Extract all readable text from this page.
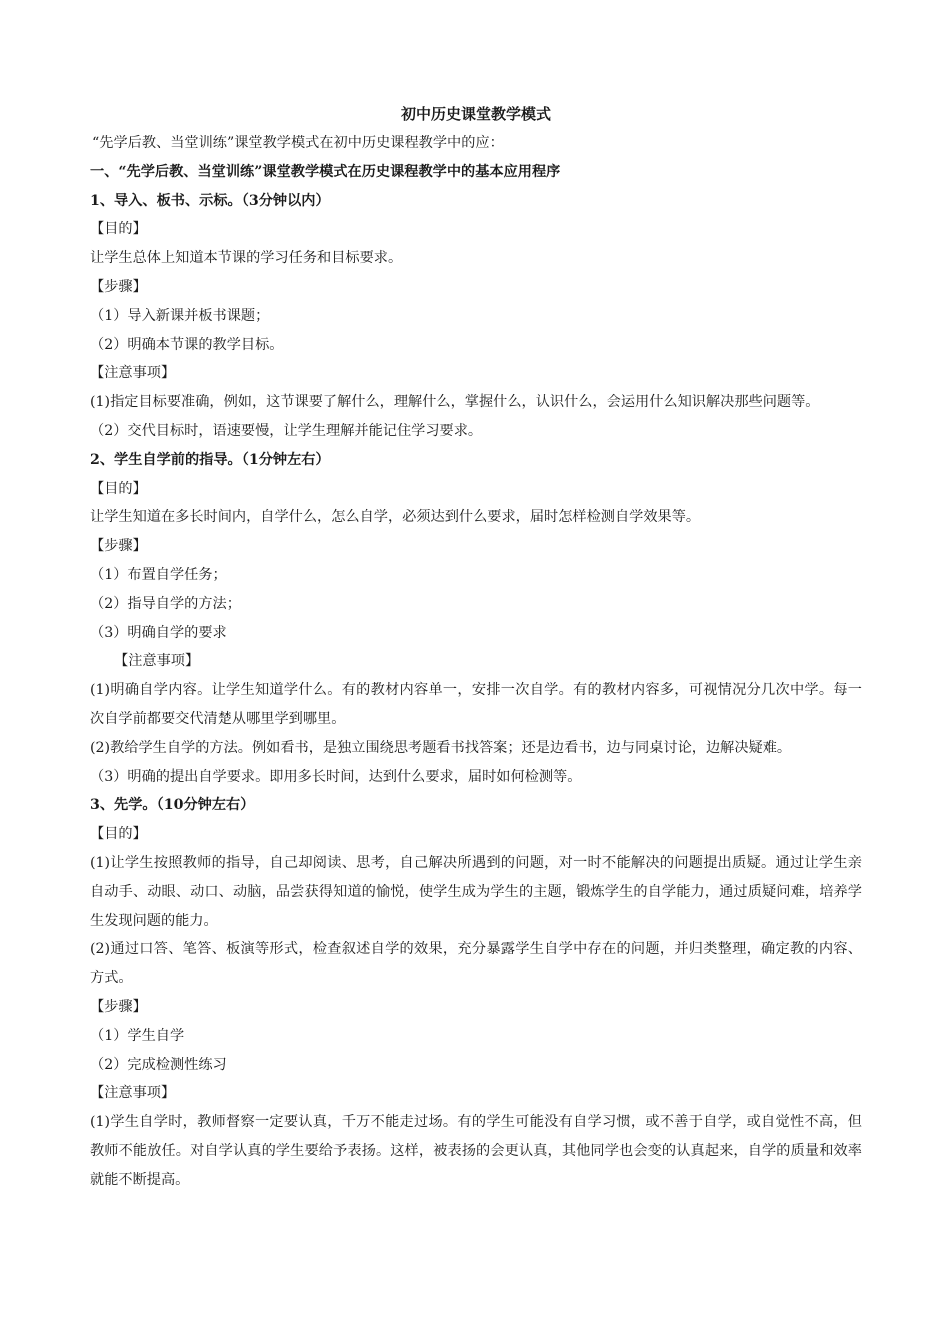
初中历史课堂教学模式

“先学后教、当堂训练”课堂教学模式在初中历史课程教学中的应：

一、“先学后教、当堂训练”课堂教学模式在历史课程教学中的基本应用程序

1、导入、板书、示标。（3分钟以内）

【目的】

让学生总体上知道本节课的学习任务和目标要求。

【步骤】

（1）导入新课并板书课题；

（2）明确本节课的教学目标。

【注意事项】

(1)指定目标要准确，例如，这节课要了解什么，理解什么，掌握什么，认识什么，会运用什么知识解决那些问题等。

（2）交代目标时，语速要慢，让学生理解并能记住学习要求。

2、学生自学前的指导。（1分钟左右）

【目的】

让学生知道在多长时间内，自学什么，怎么自学，必须达到什么要求，届时怎样检测自学效果等。

【步骤】

（1）布置自学任务；

（2）指导自学的方法；

（3）明确自学的要求

【注意事项】

(1)明确自学内容。让学生知道学什么。有的教材内容单一，安排一次自学。有的教材内容多，可视情况分几次中学。每一次自学前都要交代清楚从哪里学到哪里。

(2)教给学生自学的方法。例如看书，是独立围绕思考题看书找答案；还是边看书，边与同桌讨论，边解决疑难。

（3）明确的提出自学要求。即用多长时间，达到什么要求，届时如何检测等。

3、先学。（10分钟左右）

【目的】

(1)让学生按照教师的指导，自己却阅读、思考，自己解决所遇到的问题，对一时不能解决的问题提出质疑。通过让学生亲自动手、动眼、动口、动脑，品尝获得知道的愉悦，使学生成为学生的主题，锻炼学生的自学能力，通过质疑问难，培养学生发现问题的能力。

(2)通过口答、笔答、板演等形式，检查叙述自学的效果，充分暴露学生自学中存在的问题，并归类整理，确定教的内容、方式。

【步骤】

（1）学生自学

（2）完成检测性练习

【注意事项】

(1)学生自学时，教师督察一定要认真，千万不能走过场。有的学生可能没有自学习惯，或不善于自学，或自觉性不高，但教师不能放任。对自学认真的学生要给予表扬。这样，被表扬的会更认真，其他同学也会变的认真起来，自学的质量和效率就能不断提高。
